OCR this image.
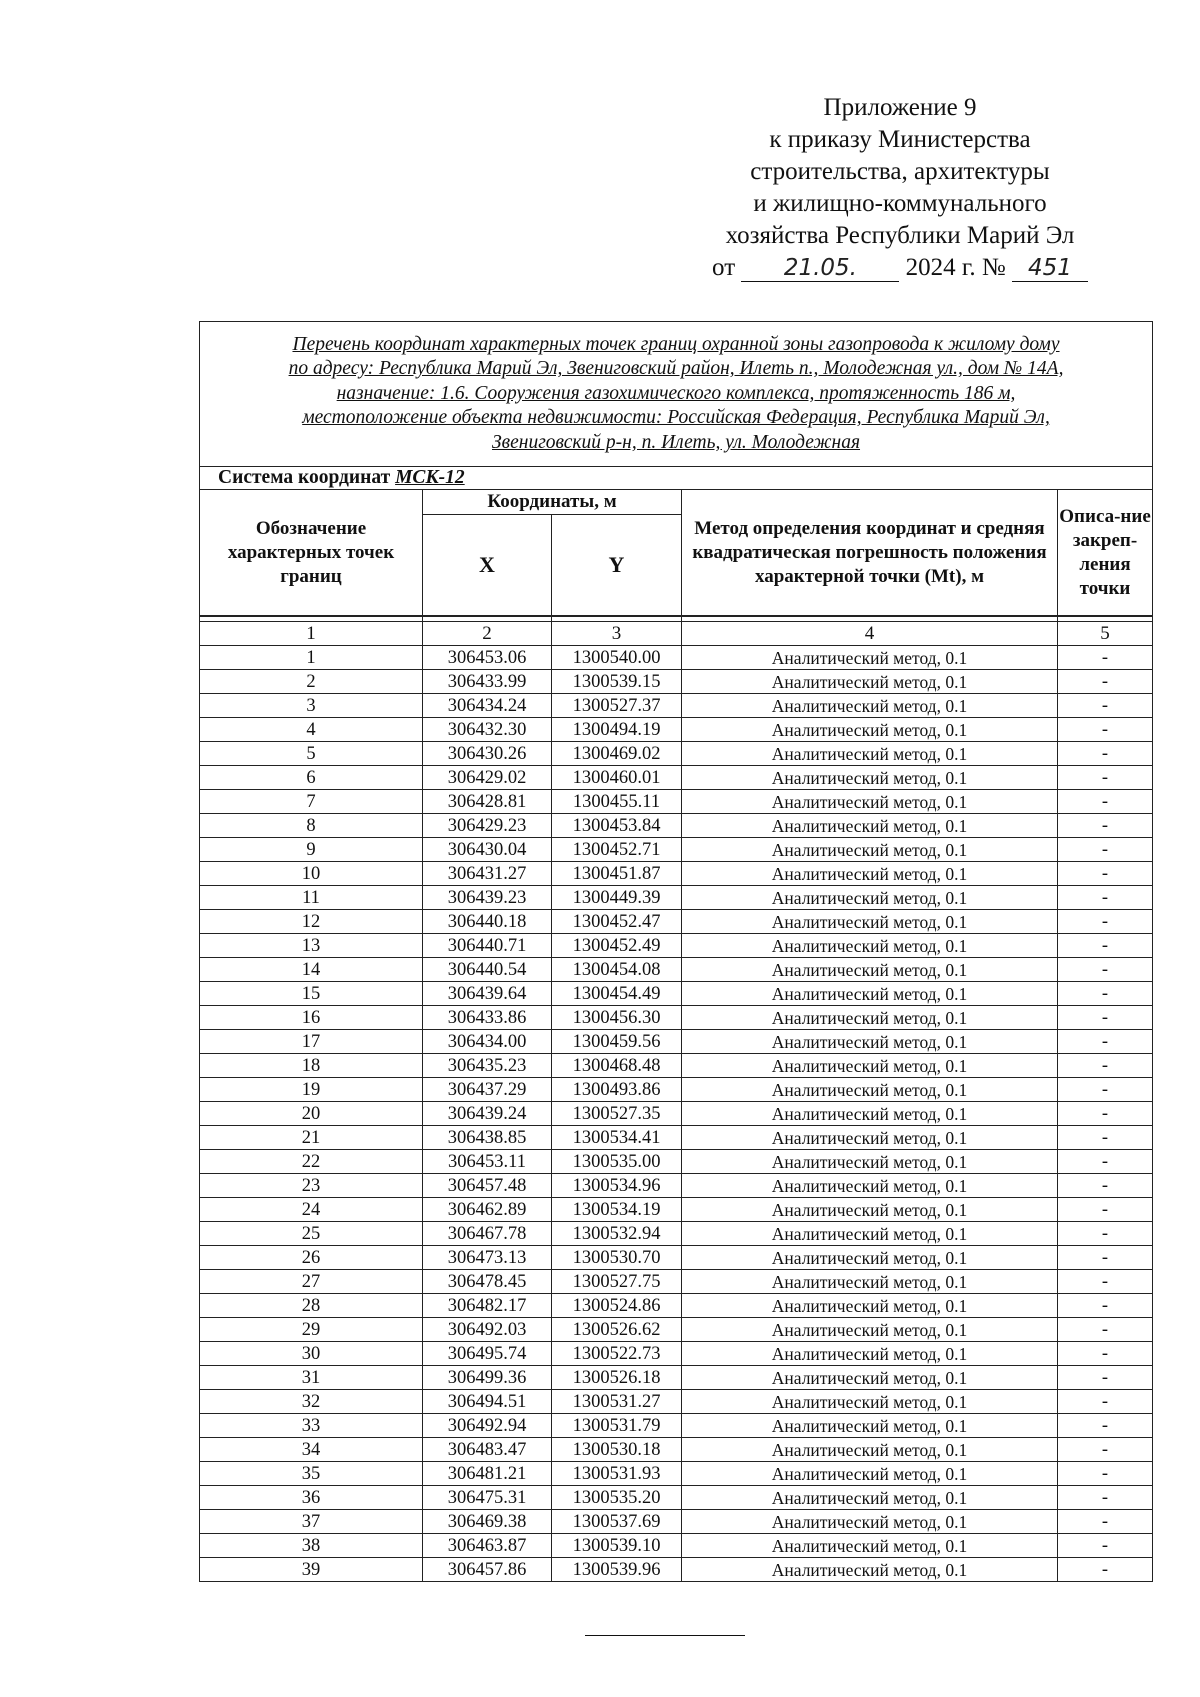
Приложение 9
к приказу Министерства
строительства, архитектуры
и жилищно-коммунального
хозяйства Республики Марий Эл
от 21.05. 2024 г. № 451
Перечень координат характерных точек границ охранной зоны газопровода к жилому дому
по адресу: Республика Марий Эл, Звениговский район, Илеть п., Молодежная ул., дом № 14А,
назначение: 1.6. Сооружения газохимического комплекса, протяженность 186 м,
местоположение объекта недвижимости: Российская Федерация, Республика Марий Эл,
Звениговский р-н, п. Илеть, ул. Молодежная				

Система координат МСК-12				
Обозначение характерных точек границ	Координаты, м		Метод определения координат и средняя квадратическая погрешность положения характерной точки (Mt), м	Описа-ние закреп-ления точки
	X	Y		

1	2	3	4	5
1	306453.06	1300540.00	Аналитический метод, 0.1	-
2	306433.99	1300539.15	Аналитический метод, 0.1	-
3	306434.24	1300527.37	Аналитический метод, 0.1	-
4	306432.30	1300494.19	Аналитический метод, 0.1	-
5	306430.26	1300469.02	Аналитический метод, 0.1	-
6	306429.02	1300460.01	Аналитический метод, 0.1	-
7	306428.81	1300455.11	Аналитический метод, 0.1	-
8	306429.23	1300453.84	Аналитический метод, 0.1	-
9	306430.04	1300452.71	Аналитический метод, 0.1	-
10	306431.27	1300451.87	Аналитический метод, 0.1	-
11	306439.23	1300449.39	Аналитический метод, 0.1	-
12	306440.18	1300452.47	Аналитический метод, 0.1	-
13	306440.71	1300452.49	Аналитический метод, 0.1	-
14	306440.54	1300454.08	Аналитический метод, 0.1	-
15	306439.64	1300454.49	Аналитический метод, 0.1	-
16	306433.86	1300456.30	Аналитический метод, 0.1	-
17	306434.00	1300459.56	Аналитический метод, 0.1	-
18	306435.23	1300468.48	Аналитический метод, 0.1	-
19	306437.29	1300493.86	Аналитический метод, 0.1	-
20	306439.24	1300527.35	Аналитический метод, 0.1	-
21	306438.85	1300534.41	Аналитический метод, 0.1	-
22	306453.11	1300535.00	Аналитический метод, 0.1	-
23	306457.48	1300534.96	Аналитический метод, 0.1	-
24	306462.89	1300534.19	Аналитический метод, 0.1	-
25	306467.78	1300532.94	Аналитический метод, 0.1	-
26	306473.13	1300530.70	Аналитический метод, 0.1	-
27	306478.45	1300527.75	Аналитический метод, 0.1	-
28	306482.17	1300524.86	Аналитический метод, 0.1	-
29	306492.03	1300526.62	Аналитический метод, 0.1	-
30	306495.74	1300522.73	Аналитический метод, 0.1	-
31	306499.36	1300526.18	Аналитический метод, 0.1	-
32	306494.51	1300531.27	Аналитический метод, 0.1	-
33	306492.94	1300531.79	Аналитический метод, 0.1	-
34	306483.47	1300530.18	Аналитический метод, 0.1	-
35	306481.21	1300531.93	Аналитический метод, 0.1	-
36	306475.31	1300535.20	Аналитический метод, 0.1	-
37	306469.38	1300537.69	Аналитический метод, 0.1	-
38	306463.87	1300539.10	Аналитический метод, 0.1	-
39	306457.86	1300539.96	Аналитический метод, 0.1	-
